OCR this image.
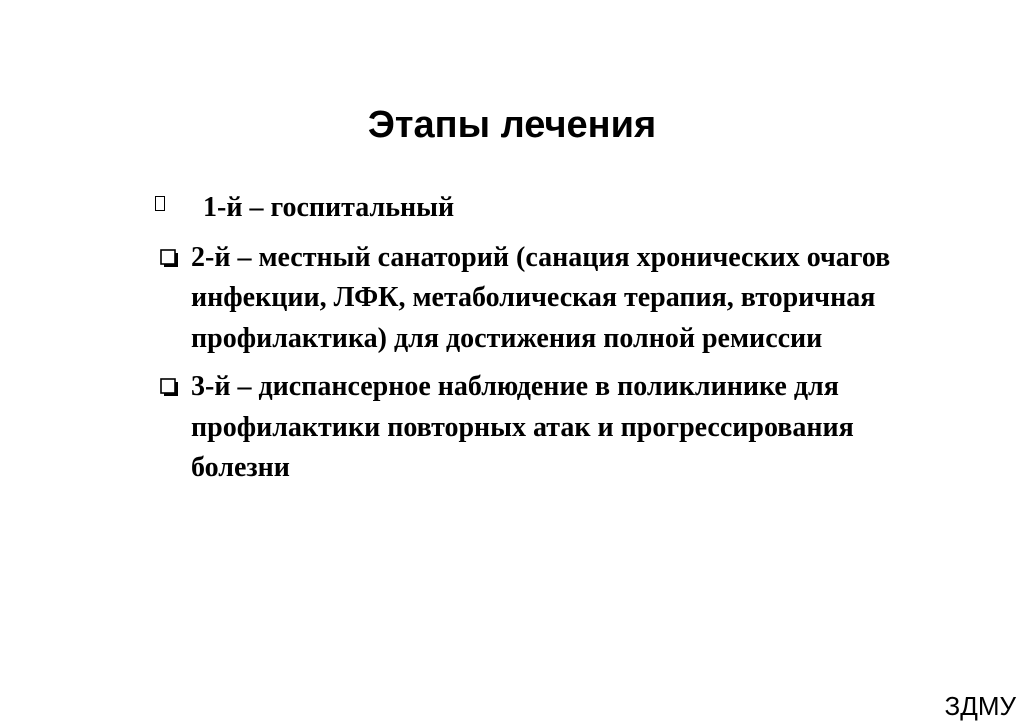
Этапы лечения
1-й – госпитальный
2-й – местный санаторий (санация хронических очагов инфекции, ЛФК, метаболическая терапия, вторичная профилактика) для достижения полной ремиссии
3-й – диспансерное наблюдение в поликлинике для профилактики повторных атак и прогрессирования болезни
ЗДМУ
